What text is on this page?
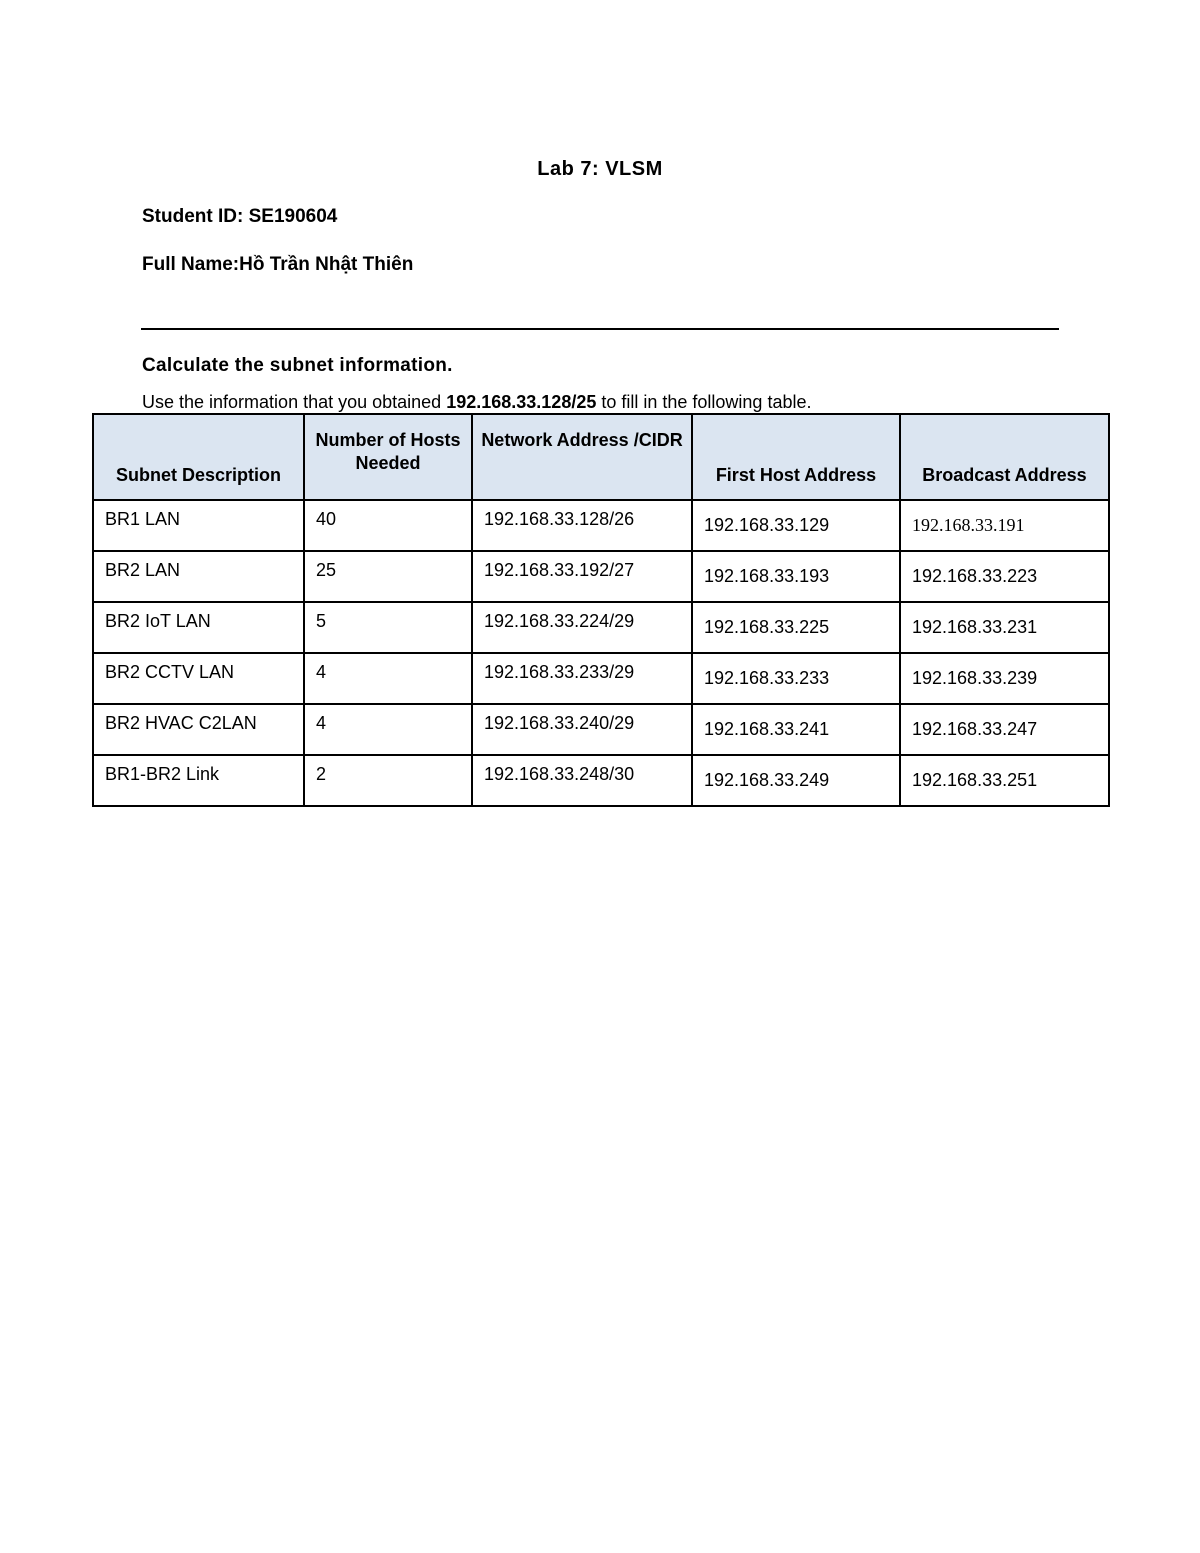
Lab 7: VLSM
Student ID: SE190604
Full Name:Hồ Trần Nhật Thiên
Calculate the subnet information.
Use the information that you obtained 192.168.33.128/25 to fill in the following table.
Subnet Description	Number of Hosts Needed	Network Address /CIDR	First Host Address	Broadcast Address
BR1 LAN	40	192.168.33.128/26	192.168.33.129	192.168.33.191
BR2 LAN	25	192.168.33.192/27	192.168.33.193	192.168.33.223
BR2 IoT LAN	5	192.168.33.224/29	192.168.33.225	192.168.33.231
BR2 CCTV LAN	4	192.168.33.233/29	192.168.33.233	192.168.33.239
BR2 HVAC C2LAN	4	192.168.33.240/29	192.168.33.241	192.168.33.247
BR1-BR2 Link	2	192.168.33.248/30	192.168.33.249	192.168.33.251
